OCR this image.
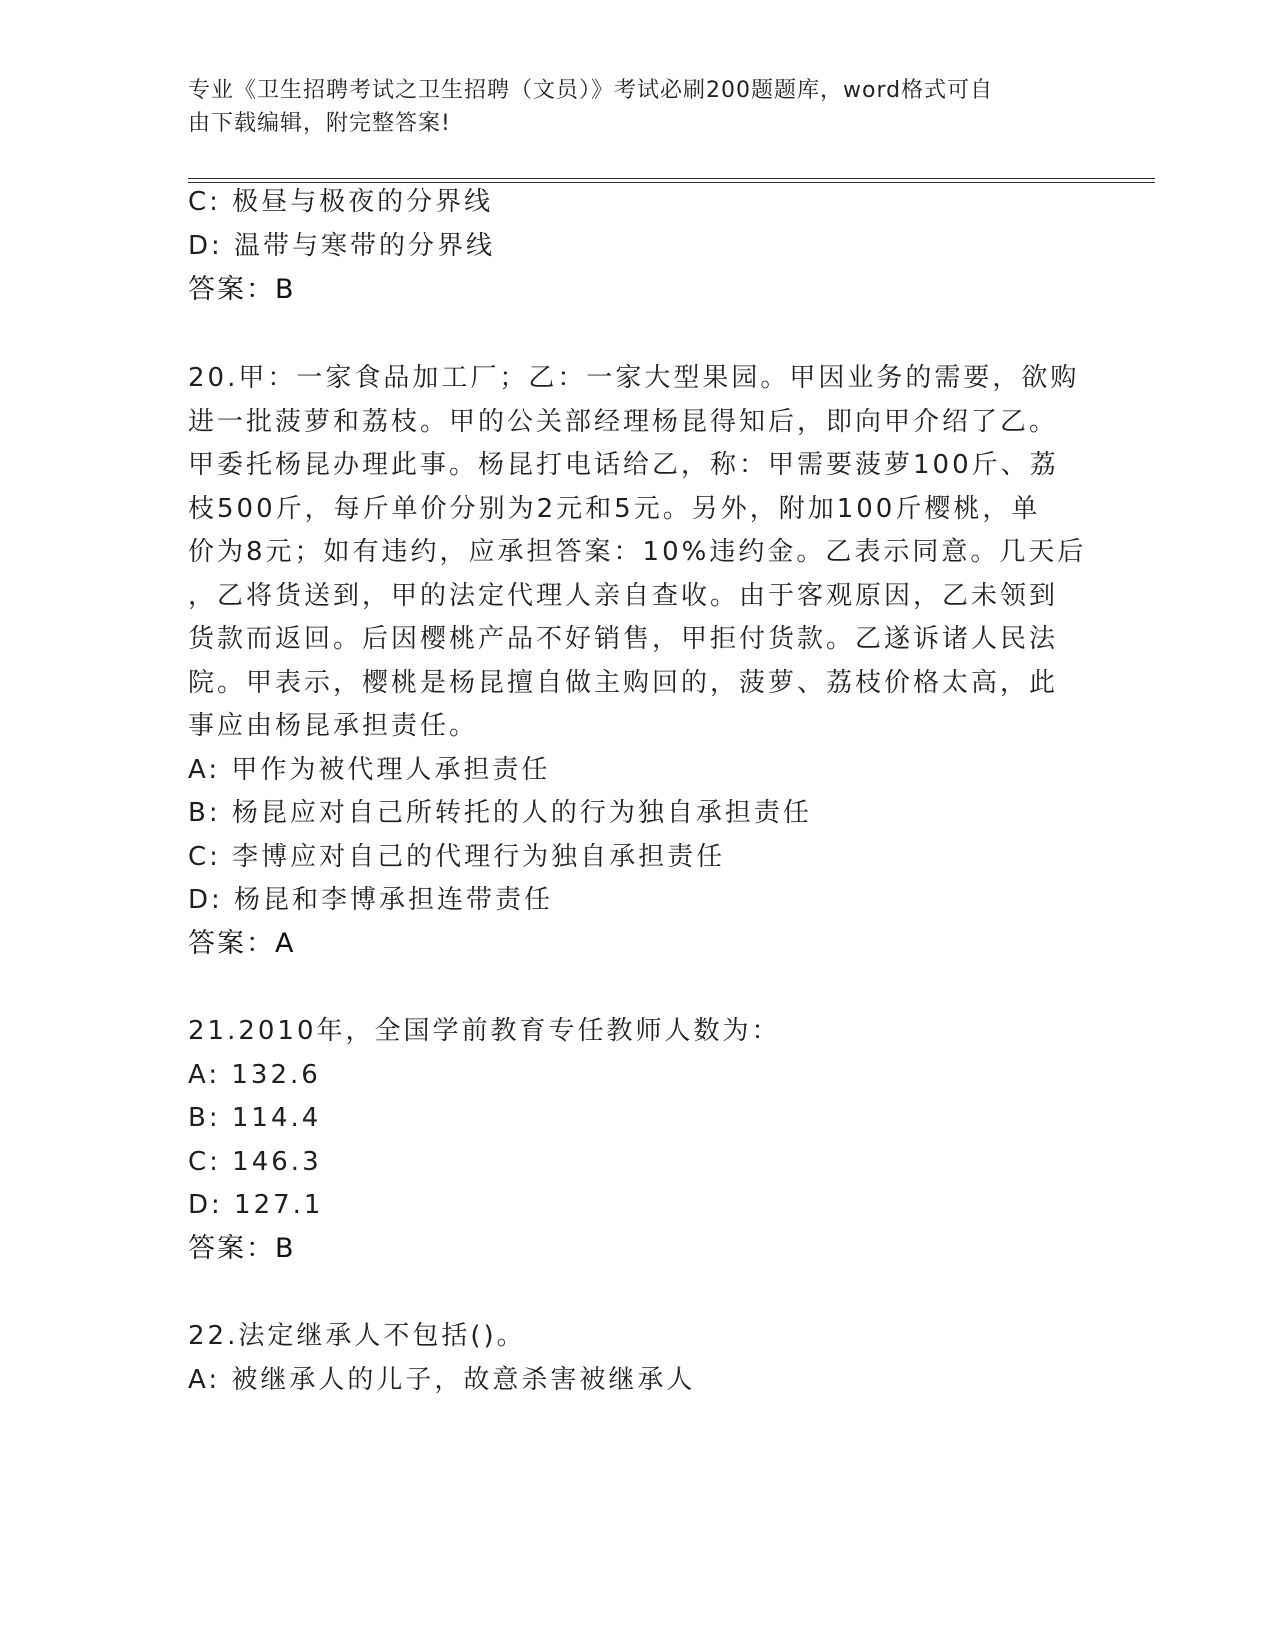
专业《卫生招聘考试之卫生招聘（文员）》考试必刷200题题库，word格式可自
由下载编辑，附完整答案!
C: 极昼与极夜的分界线
D: 温带与寒带的分界线
答案：B
20.甲：一家食品加工厂；乙：一家大型果园。甲因业务的需要，欲购
进一批菠萝和荔枝。甲的公关部经理杨昆得知后，即向甲介绍了乙。
甲委托杨昆办理此事。杨昆打电话给乙，称：甲需要菠萝100斤、荔
枝500斤，每斤单价分别为2元和5元。另外，附加100斤樱桃，单
价为8元；如有违约，应承担答案：10%违约金。乙表示同意。几天后
，乙将货送到，甲的法定代理人亲自查收。由于客观原因，乙未领到
货款而返回。后因樱桃产品不好销售，甲拒付货款。乙遂诉诸人民法
院。甲表示，樱桃是杨昆擅自做主购回的，菠萝、荔枝价格太高，此
事应由杨昆承担责任。
A: 甲作为被代理人承担责任
B: 杨昆应对自己所转托的人的行为独自承担责任
C: 李博应对自己的代理行为独自承担责任
D: 杨昆和李博承担连带责任
答案：A
21.2010年，全国学前教育专任教师人数为：
A: 132.6
B: 114.4
C: 146.3
D: 127.1
答案：B
22.法定继承人不包括()。
A: 被继承人的儿子，故意杀害被继承人
